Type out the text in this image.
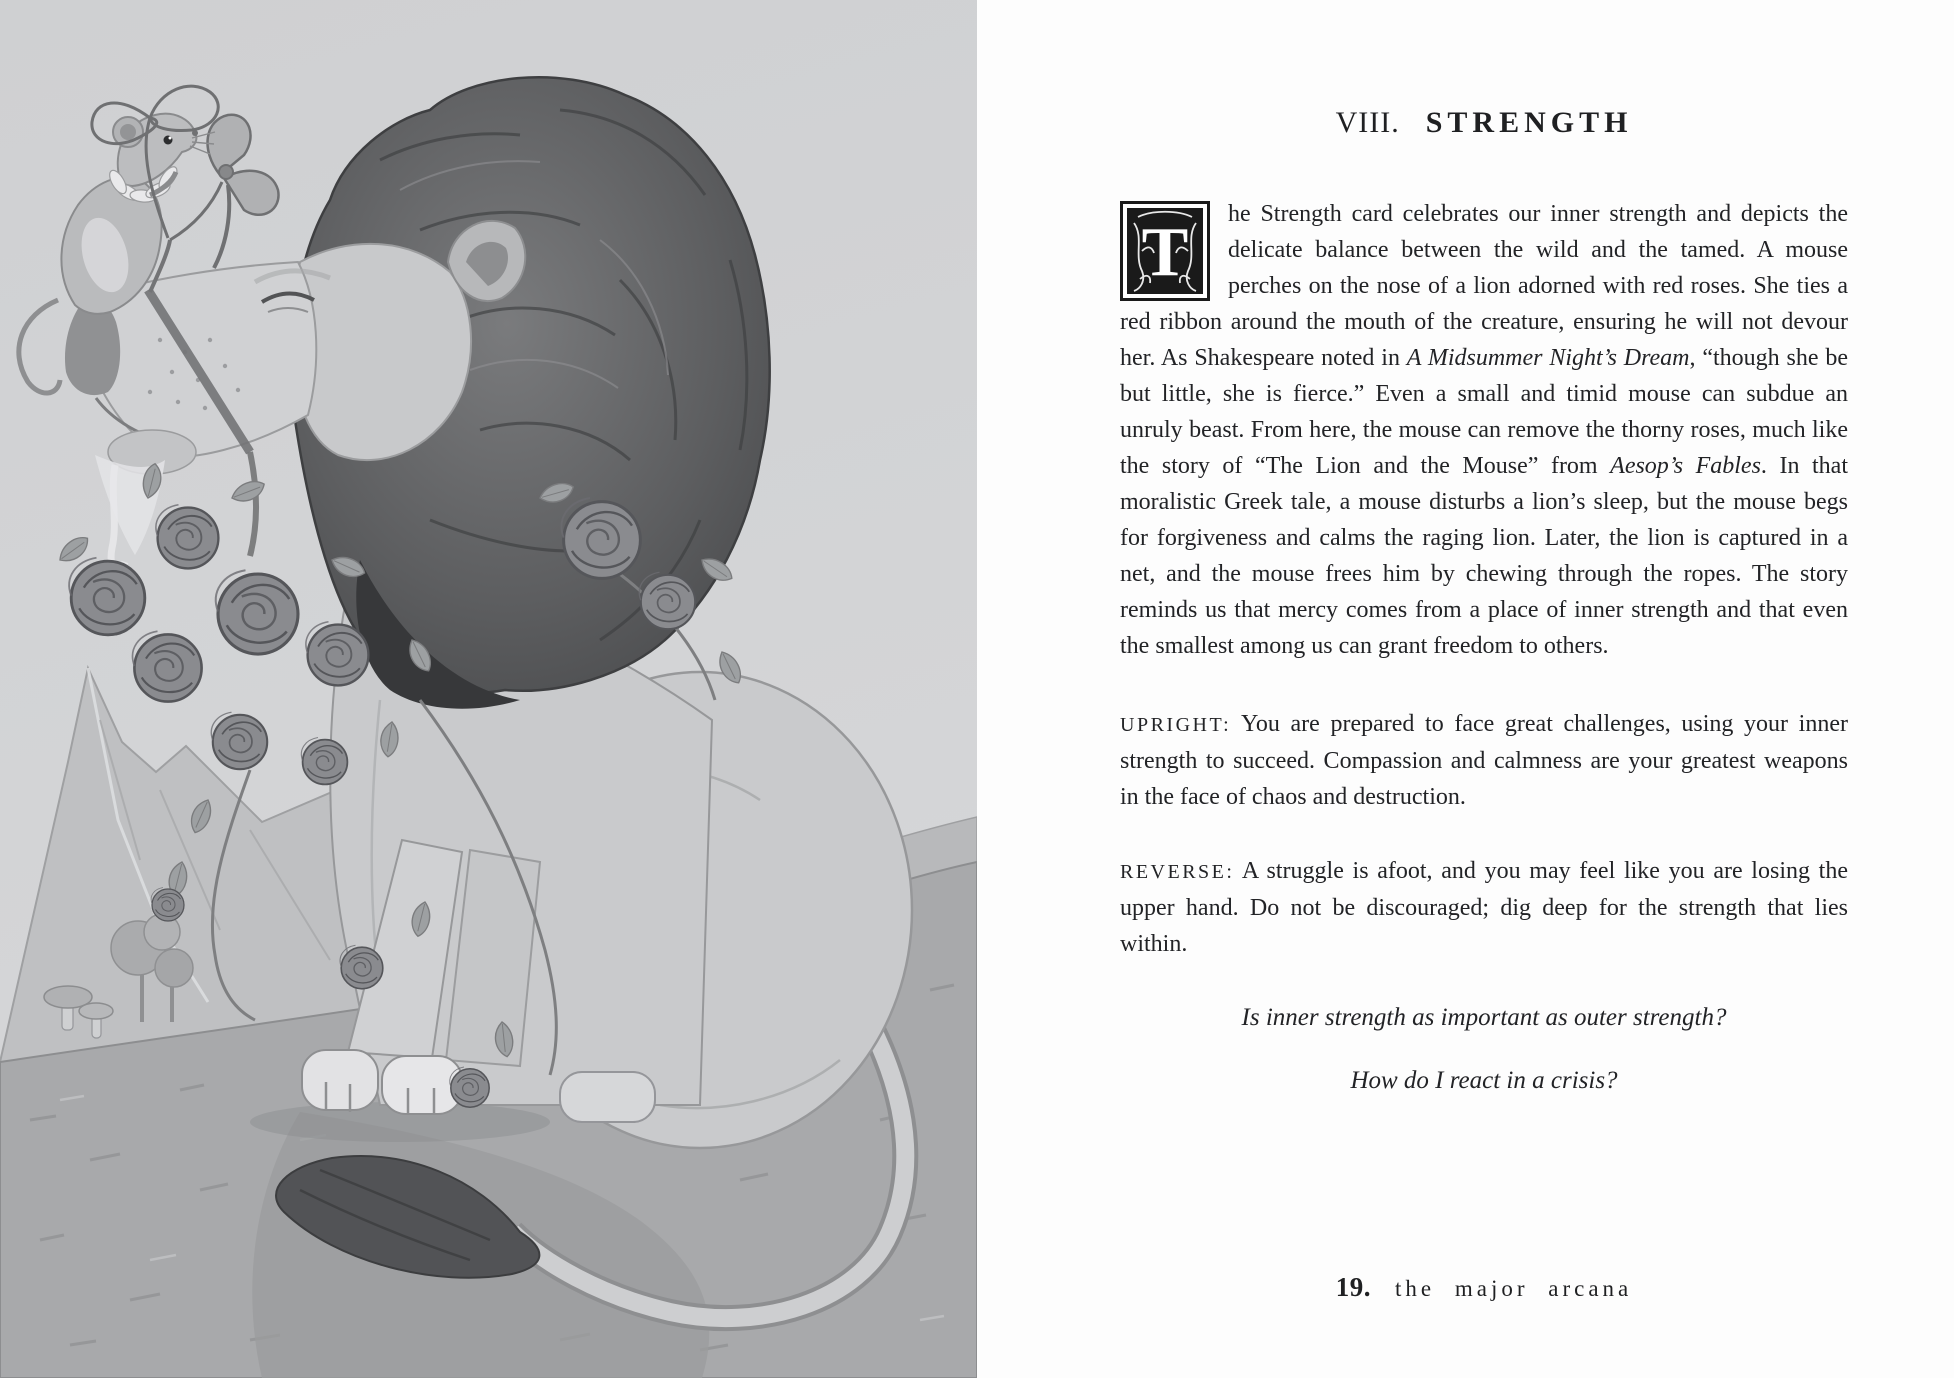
VIII. STRENGTH
T he Strength card celebrates our inner strength and depicts the delicate balance between the wild and the tamed. A mouse perches on the nose of a lion adorned with red roses. She ties a red ribbon around the mouth of the creature, ensuring he will not devour her. As Shakespeare noted in A Midsummer Night’s Dream, “though she be but little, she is fierce.” Even a small and timid mouse can subdue an unruly beast. From here, the mouse can remove the thorny roses, much like the story of “The Lion and the Mouse” from Aesop’s Fables. In that moralistic Greek tale, a mouse disturbs a lion’s sleep, but the mouse begs for forgiveness and calms the raging lion. Later, the lion is captured in a net, and the mouse frees him by chewing through the ropes. The story reminds us that mercy comes from a place of inner strength and that even the smallest among us can grant freedom to others.
UPRIGHT: You are prepared to face great challenges, using your inner strength to succeed. Compassion and calmness are your greatest weapons in the face of chaos and destruction.
REVERSE: A struggle is afoot, and you may feel like you are losing the upper hand. Do not be discouraged; dig deep for the strength that lies within.
Is inner strength as important as outer strength?
How do I react in a crisis?
19. the major arcana
